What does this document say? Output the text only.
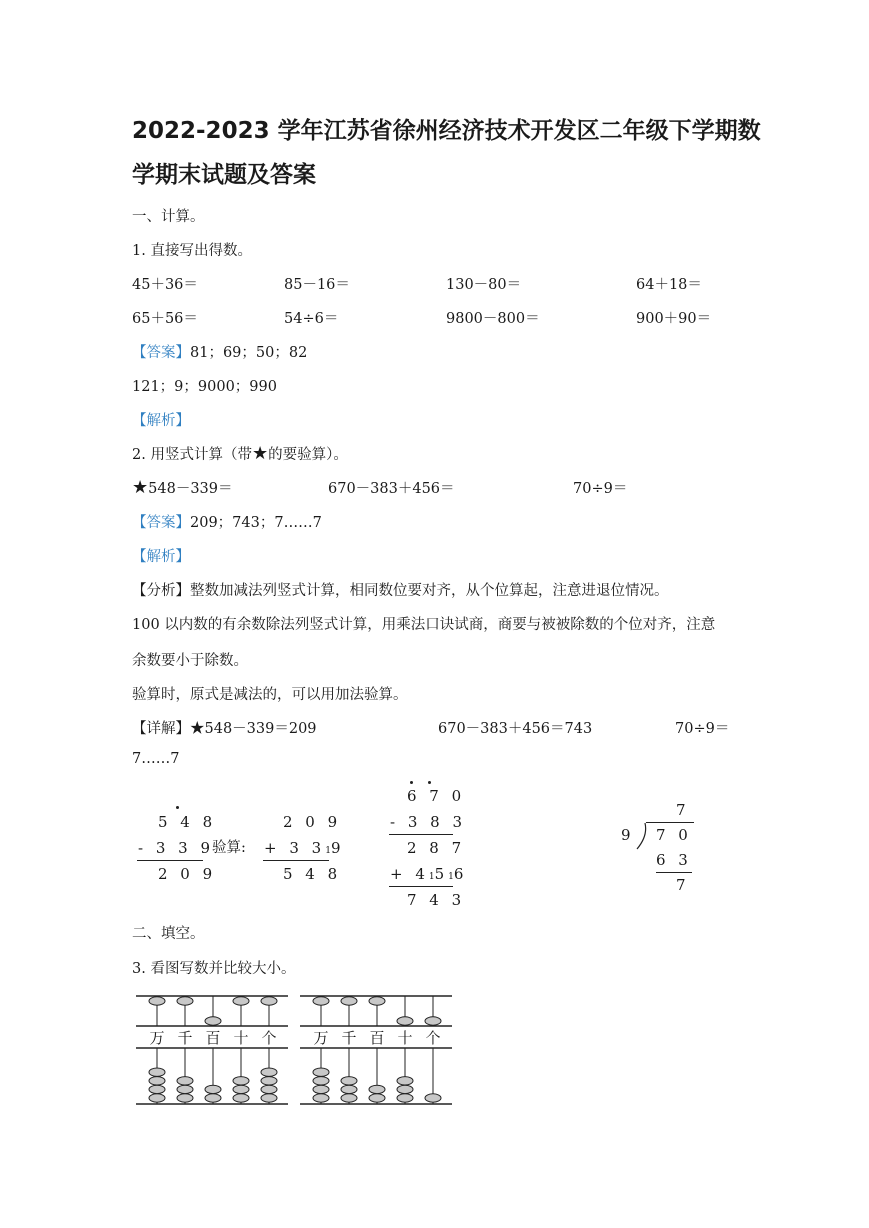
2022-2023 学年江苏省徐州经济技术开发区二年级下学期数
学期末试题及答案
一、计算。
1. 直接写出得数。
45＋36＝	85－16＝	130－80＝	64＋18＝
65＋56＝	54÷6＝	9800－800＝	900＋90＝
【答案】81；69；50；82
121；9；9000；990
【解析】
2. 用竖式计算（带★的要验算）。
★548－339＝	670－383＋456＝	70÷9＝
【答案】209；743；7……7
【解析】
【分析】整数加减法列竖式计算，相同数位要对齐，从个位算起，注意进退位情况。
100 以内数的有余数除法列竖式计算，用乘法口诀试商，商要与被被除数的个位对齐，注意
余数要小于除数。
验算时，原式是减法的，可以用加法验算。
【详解】★548－339＝209	670－383＋456＝743	70÷9＝
7……7
5 4 8
- 3 3 9
2 0 9
验算:
2 0 9
+ 3 319
5 4 8
6 7 0
- 3 8 3
2 8 7
+ 41516
7 4 3
7
9 7 0
6 3
7
二、填空。
3. 看图写数并比较大小。
万 千 百 十 个 万 千 百 十 个
